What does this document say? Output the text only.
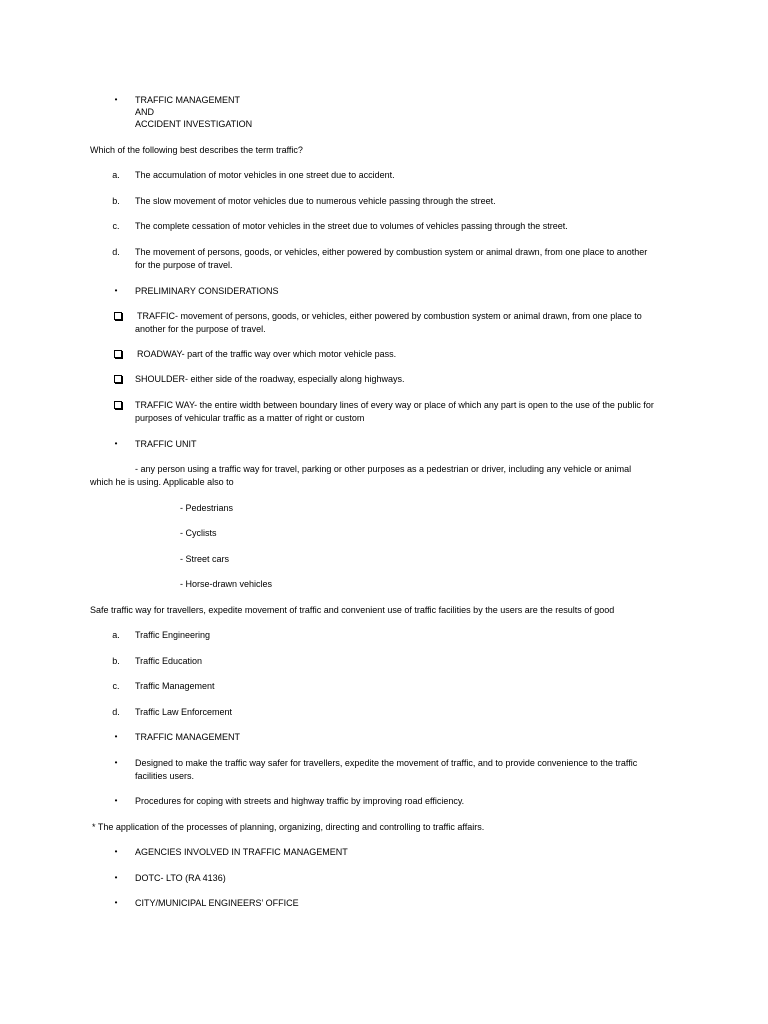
•	TRAFFIC MANAGEMENT
AND
ACCIDENT INVESTIGATION
Which of the following best describes the term traffic?
a. The accumulation of motor vehicles in one street due to accident.
b. The slow movement of motor vehicles due to numerous vehicle passing through the street.
c. The complete cessation of motor vehicles in the street due to volumes of vehicles passing through the street.
d. The movement of persons, goods, or vehicles, either powered by combustion system or animal drawn, from one place to another
for the purpose of travel.
•	PRELIMINARY CONSIDERATIONS
TRAFFIC- movement of persons, goods, or vehicles, either powered by combustion system or animal drawn, from one place to
another for the purpose of travel.
ROADWAY- part of the traffic way over which motor vehicle pass.
SHOULDER- either side of the roadway, especially along highways.
TRAFFIC WAY- the entire width between boundary lines of every way or place of which any part is open to the use of the public for
purposes of vehicular traffic as a matter of right or custom
•	TRAFFIC UNIT
- any person using a traffic way for travel, parking or other purposes as a pedestrian or driver, including any vehicle or animal
which he is using. Applicable also to
- Pedestrians
- Cyclists
- Street cars
- Horse-drawn vehicles
Safe traffic way for travellers, expedite movement of traffic and convenient use of traffic facilities by the users are the results of good
a. Traffic Engineering
b. Traffic Education
c. Traffic Management
d. Traffic Law Enforcement
•	TRAFFIC MANAGEMENT
•	Designed to make the traffic way safer for travellers, expedite the movement of traffic, and to provide convenience to the traffic
facilities users.
•	Procedures for coping with streets and highway traffic by improving road efficiency.
* The application of the processes of planning, organizing, directing and controlling to traffic affairs.
•	AGENCIES INVOLVED IN TRAFFIC MANAGEMENT
•	DOTC- LTO (RA 4136)
•	CITY/MUNICIPAL ENGINEERS’ OFFICE
